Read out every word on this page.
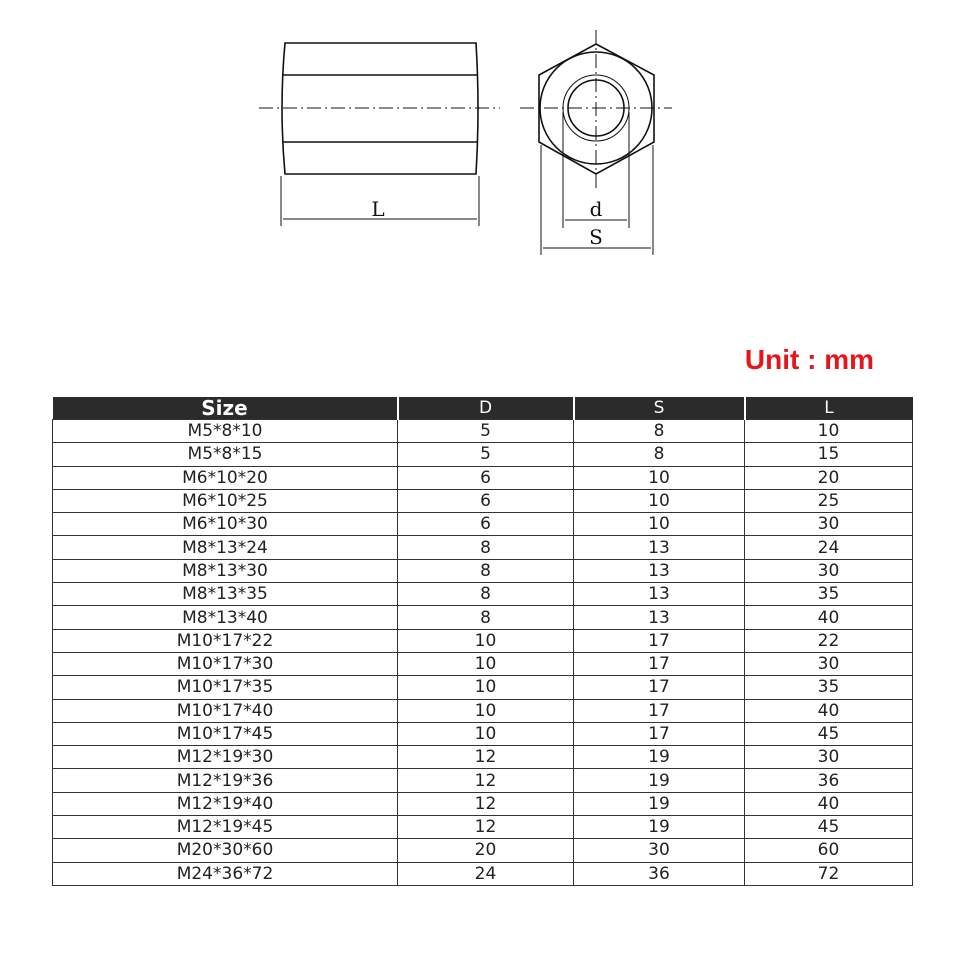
L	d
S
Unit : mm
Size	D	S	L
M5*8*10	5	8	10
M5*8*15	5	8	15
M6*10*20	6	10	20
M6*10*25	6	10	25
M6*10*30	6	10	30
M8*13*24	8	13	24
M8*13*30	8	13	30
M8*13*35	8	13	35
M8*13*40	8	13	40
M10*17*22	10	17	22
M10*17*30	10	17	30
M10*17*35	10	17	35
M10*17*40	10	17	40
M10*17*45	10	17	45
M12*19*30	12	19	30
M12*19*36	12	19	36
M12*19*40	12	19	40
M12*19*45	12	19	45
M20*30*60	20	30	60
M24*36*72	24	36	72
